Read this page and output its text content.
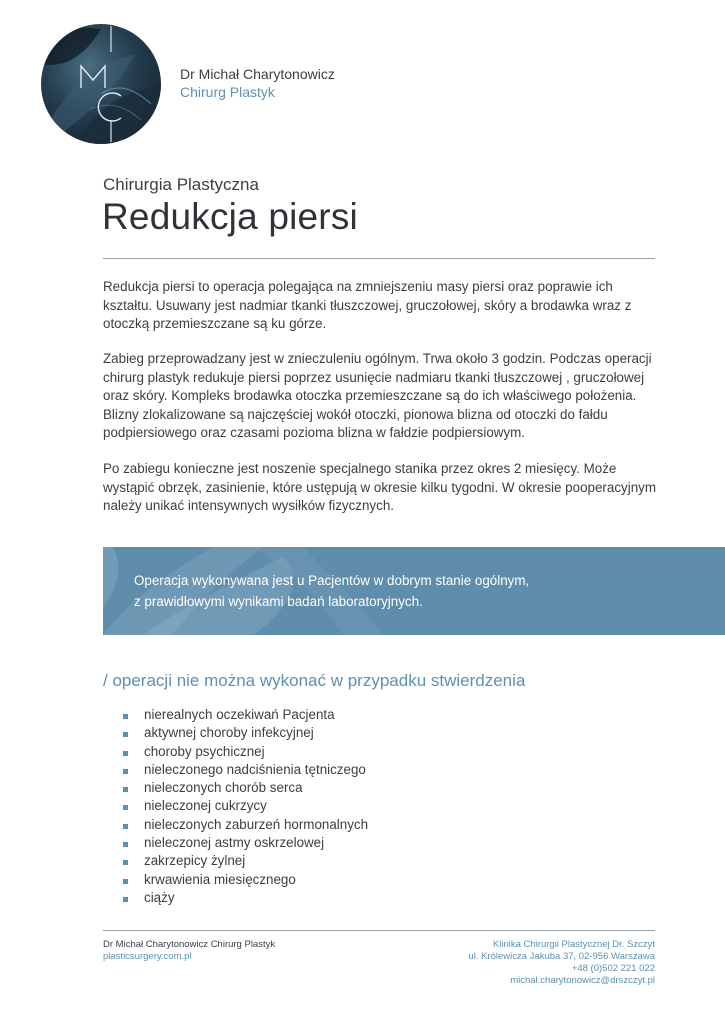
Dr Michał Charytonowicz
Chirurg Plastyk
Chirurgia Plastyczna
Redukcja piersi

Redukcja piersi to operacja polegająca na zmniejszeniu masy piersi oraz poprawie ich kształtu. Usuwany jest nadmiar tkanki tłuszczowej, gruczołowej, skóry a brodawka wraz z otoczką przemieszczane są ku górze.

Zabieg przeprowadzany jest w znieczuleniu ogólnym. Trwa około 3 godzin. Podczas operacji chirurg plastyk redukuje piersi poprzez usunięcie nadmiaru tkanki tłuszczowej , gruczołowej oraz skóry. Kompleks brodawka otoczka przemieszczane są do ich właściwego położenia. Blizny zlokalizowane są najczęściej wokół otoczki, pionowa blizna od otoczki do fałdu podpiersiowego oraz czasami pozioma blizna w fałdzie podpiersiowym.

Po zabiegu konieczne jest noszenie specjalnego stanika przez okres 2 miesięcy. Może wystąpić obrzęk, zasinienie, które ustępują w okresie kilku tygodni. W okresie pooperacyjnym należy unikać intensywnych wysiłków fizycznych.

Operacja wykonywana jest u Pacjentów w dobrym stanie ogólnym,
z prawidłowymi wynikami badań laboratoryjnych.

/ operacji nie można wykonać w przypadku stwierdzenia
nierealnych oczekiwań Pacjenta
aktywnej choroby infekcyjnej
choroby psychicznej
nieleczonego nadciśnienia tętniczego
nieleczonych chorób serca
nieleczonej cukrzycy
nieleczonych zaburzeń hormonalnych
nieleczonej astmy oskrzelowej
zakrzepicy żylnej
krwawienia miesięcznego
ciąży
Dr Michał Charytonowicz Chirurg Plastyk
plasticsurgery.com.pl
Klinika Chirurgii Plastycznej Dr. Szczyt
ul. Królewicza Jakuba 37, 02-956 Warszawa
+48 (0)502 221 022
michal.charytonowicz@drszczyt.pl
